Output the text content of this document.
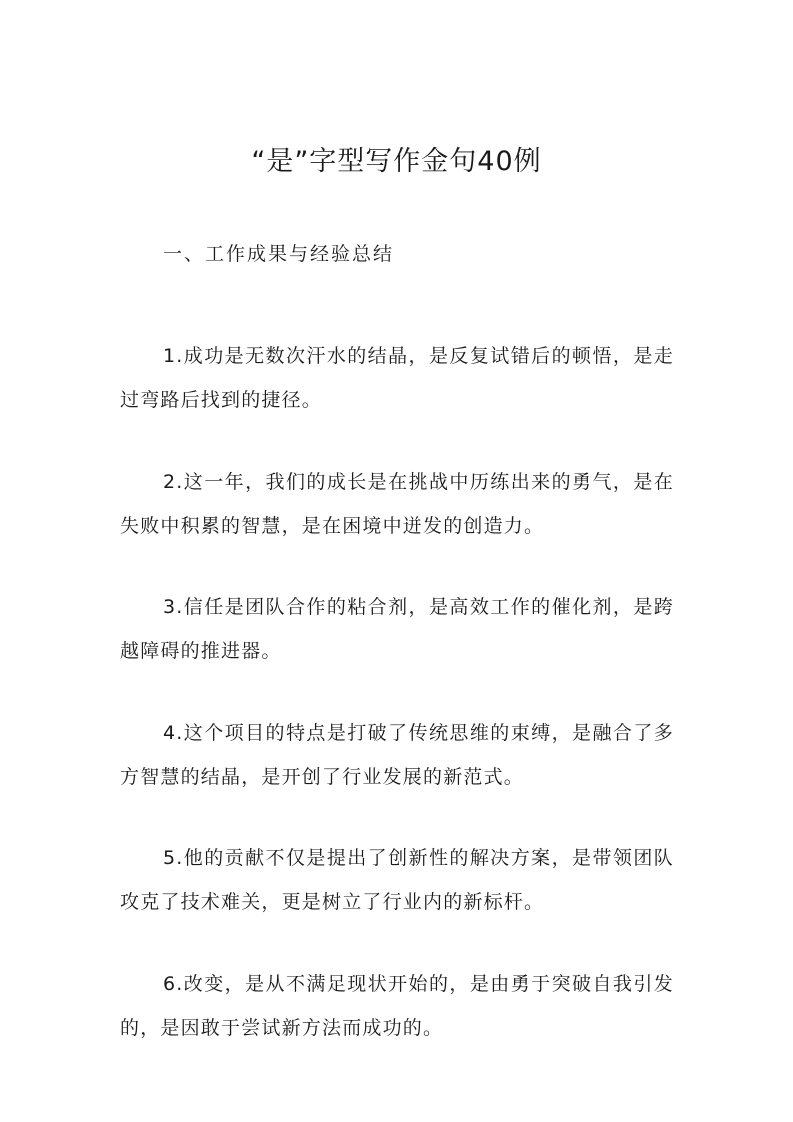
“是”字型写作金句40例
一、工作成果与经验总结

1.成功是无数次汗水的结晶，是反复试错后的顿悟，是走过弯路后找到的捷径。

2.这一年，我们的成长是在挑战中历练出来的勇气，是在失败中积累的智慧，是在困境中迸发的创造力。

3.信任是团队合作的粘合剂，是高效工作的催化剂，是跨越障碍的推进器。

4.这个项目的特点是打破了传统思维的束缚，是融合了多方智慧的结晶，是开创了行业发展的新范式。

5.他的贡献不仅是提出了创新性的解决方案，是带领团队攻克了技术难关，更是树立了行业内的新标杆。

6.改变，是从不满足现状开始的，是由勇于突破自我引发的，是因敢于尝试新方法而成功的。
